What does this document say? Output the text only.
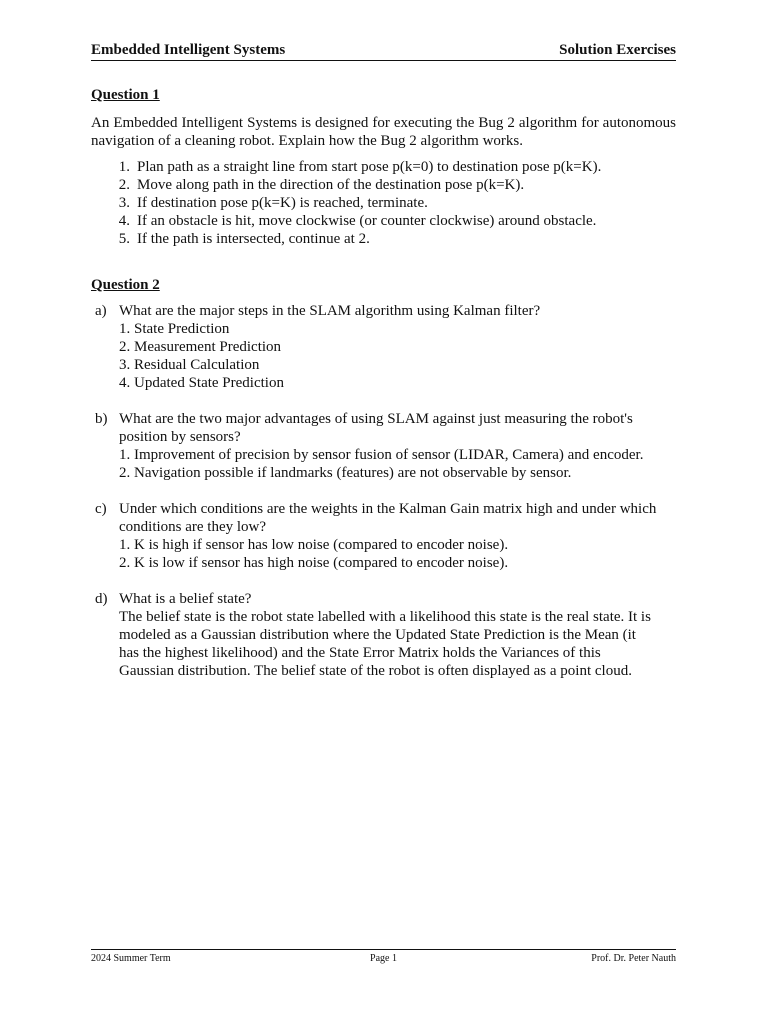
Embedded Intelligent Systems	Solution Exercises
Question 1
An Embedded Intelligent Systems is designed for executing the Bug 2 algorithm for autonomous navigation of a cleaning robot. Explain how the Bug 2 algorithm works.
1. Plan path as a straight line from start pose p(k=0) to destination pose p(k=K).
2. Move along path in the direction of the destination pose p(k=K).
3. If destination pose p(k=K) is reached, terminate.
4. If an obstacle is hit, move clockwise (or counter clockwise) around obstacle.
5. If the path is intersected, continue at 2.
Question 2
a) What are the major steps in the SLAM algorithm using Kalman filter?
1. State Prediction
2. Measurement Prediction
3. Residual Calculation
4. Updated State Prediction
b) What are the two major advantages of using SLAM against just measuring the robot's
position by sensors?
1. Improvement of precision by sensor fusion of sensor (LIDAR, Camera) and encoder.
2. Navigation possible if landmarks (features) are not observable by sensor.
c) Under which conditions are the weights in the Kalman Gain matrix high and under which
conditions are they low?
1. K is high if sensor has low noise (compared to encoder noise).
2. K is low if sensor has high noise (compared to encoder noise).
d) What is a belief state?
The belief state is the robot state labelled with a likelihood this state is the real state. It is
modeled as a Gaussian distribution where the Updated State Prediction is the Mean (it
has the highest likelihood) and the State Error Matrix holds the Variances of this
Gaussian distribution. The belief state of the robot is often displayed as a point cloud.
2024 Summer Term	Page 1	Prof. Dr. Peter Nauth
